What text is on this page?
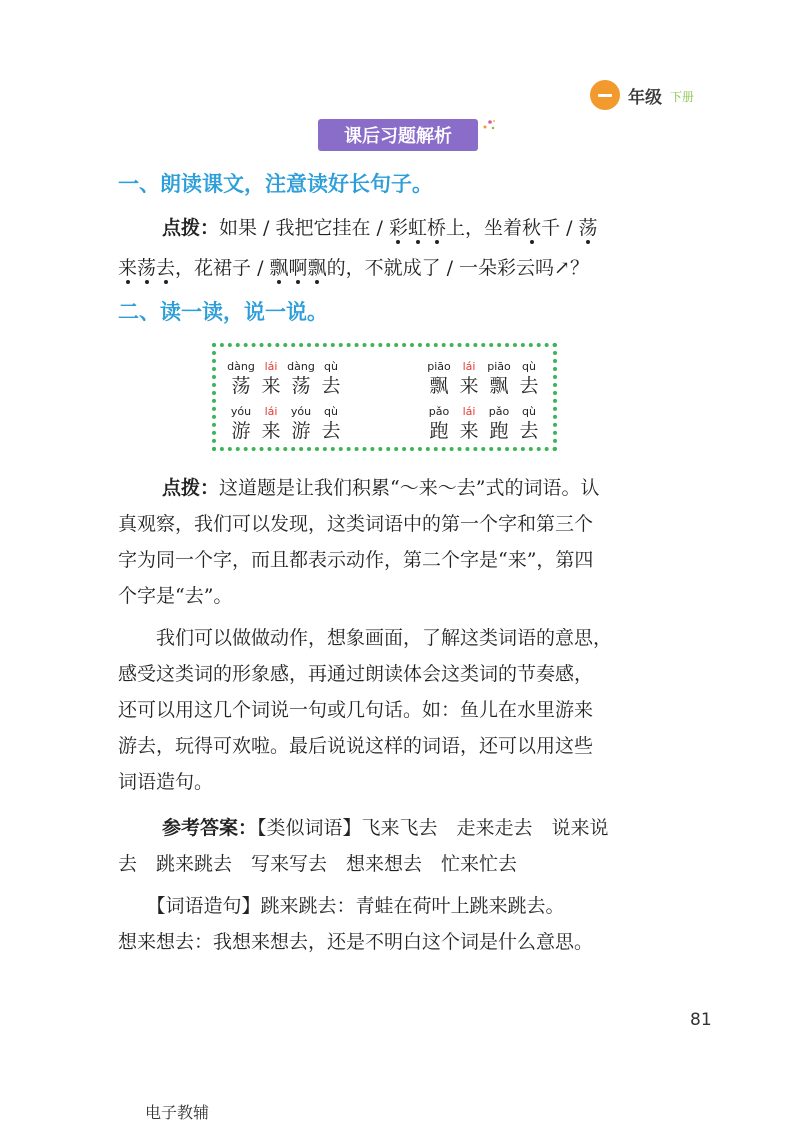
年级 下册
课后习题解析
一、朗读课文，注意读好长句子。

点拨：如果 / 我把它挂在 / 彩虹桥上，坐着秋千 / 荡

来荡去，花裙子 / 飘啊飘的，不就成了 / 一朵彩云吗↗？

二、读一读，说一说。
dàng
荡
lái
来
dàng
荡
qù
去
piāo
飘
lái
来
piāo
飘
qù
去
yóu
游
lái
来
yóu
游
qù
去
pǎo
跑
lái
来
pǎo
跑
qù
去

点拨：这道题是让我们积累“～来～去”式的词语。认

真观察，我们可以发现，这类词语中的第一个字和第三个

字为同一个字，而且都表示动作，第二个字是“来”，第四

个字是“去”。

　　我们可以做做动作，想象画面，了解这类词语的意思，

感受这类词的形象感，再通过朗读体会这类词的节奏感，

还可以用这几个词说一句或几句话。如：鱼儿在水里游来

游去，玩得可欢啦。最后说说这样的词语，还可以用这些

词语造句。

参考答案：【类似词语】飞来飞去　走来走去　说来说

去　跳来跳去　写来写去　想来想去　忙来忙去

　　【词语造句】跳来跳去：青蛙在荷叶上跳来跳去。

想来想去：我想来想去，还是不明白这个词是什么意思。

81
电子教辅
